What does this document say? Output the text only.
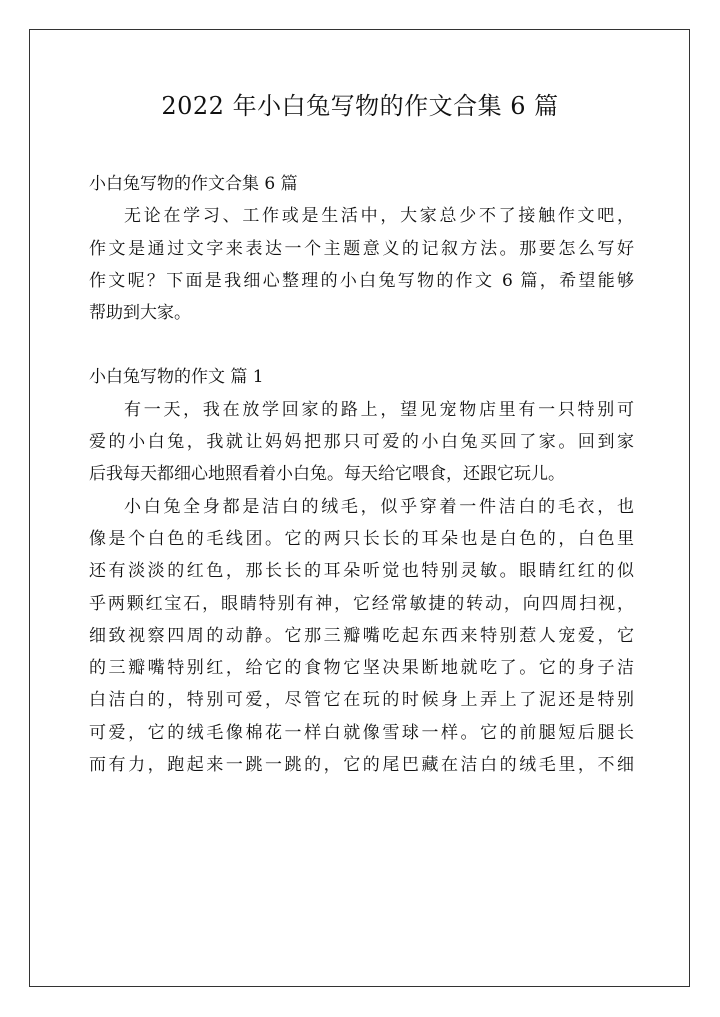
2022 年小白兔写物的作文合集 6 篇
小白兔写物的作文合集 6 篇
无论在学习、工作或是生活中，大家总少不了接触作文吧，
作文是通过文字来表达一个主题意义的记叙方法。那要怎么写好
作文呢？下面是我细心整理的小白兔写物的作文 6 篇，希望能够
帮助到大家。
小白兔写物的作文 篇 1
有一天，我在放学回家的路上，望见宠物店里有一只特别可
爱的小白兔，我就让妈妈把那只可爱的小白兔买回了家。回到家
后我每天都细心地照看着小白兔。每天给它喂食，还跟它玩儿。
小白兔全身都是洁白的绒毛，似乎穿着一件洁白的毛衣，也
像是个白色的毛线团。它的两只长长的耳朵也是白色的，白色里
还有淡淡的红色，那长长的耳朵听觉也特别灵敏。眼睛红红的似
乎两颗红宝石，眼睛特别有神，它经常敏捷的转动，向四周扫视，
细致视察四周的动静。它那三瓣嘴吃起东西来特别惹人宠爱，它
的三瓣嘴特别红，给它的食物它坚决果断地就吃了。它的身子洁
白洁白的，特别可爱，尽管它在玩的时候身上弄上了泥还是特别
可爱，它的绒毛像棉花一样白就像雪球一样。它的前腿短后腿长
而有力，跑起来一跳一跳的，它的尾巴藏在洁白的绒毛里，不细
